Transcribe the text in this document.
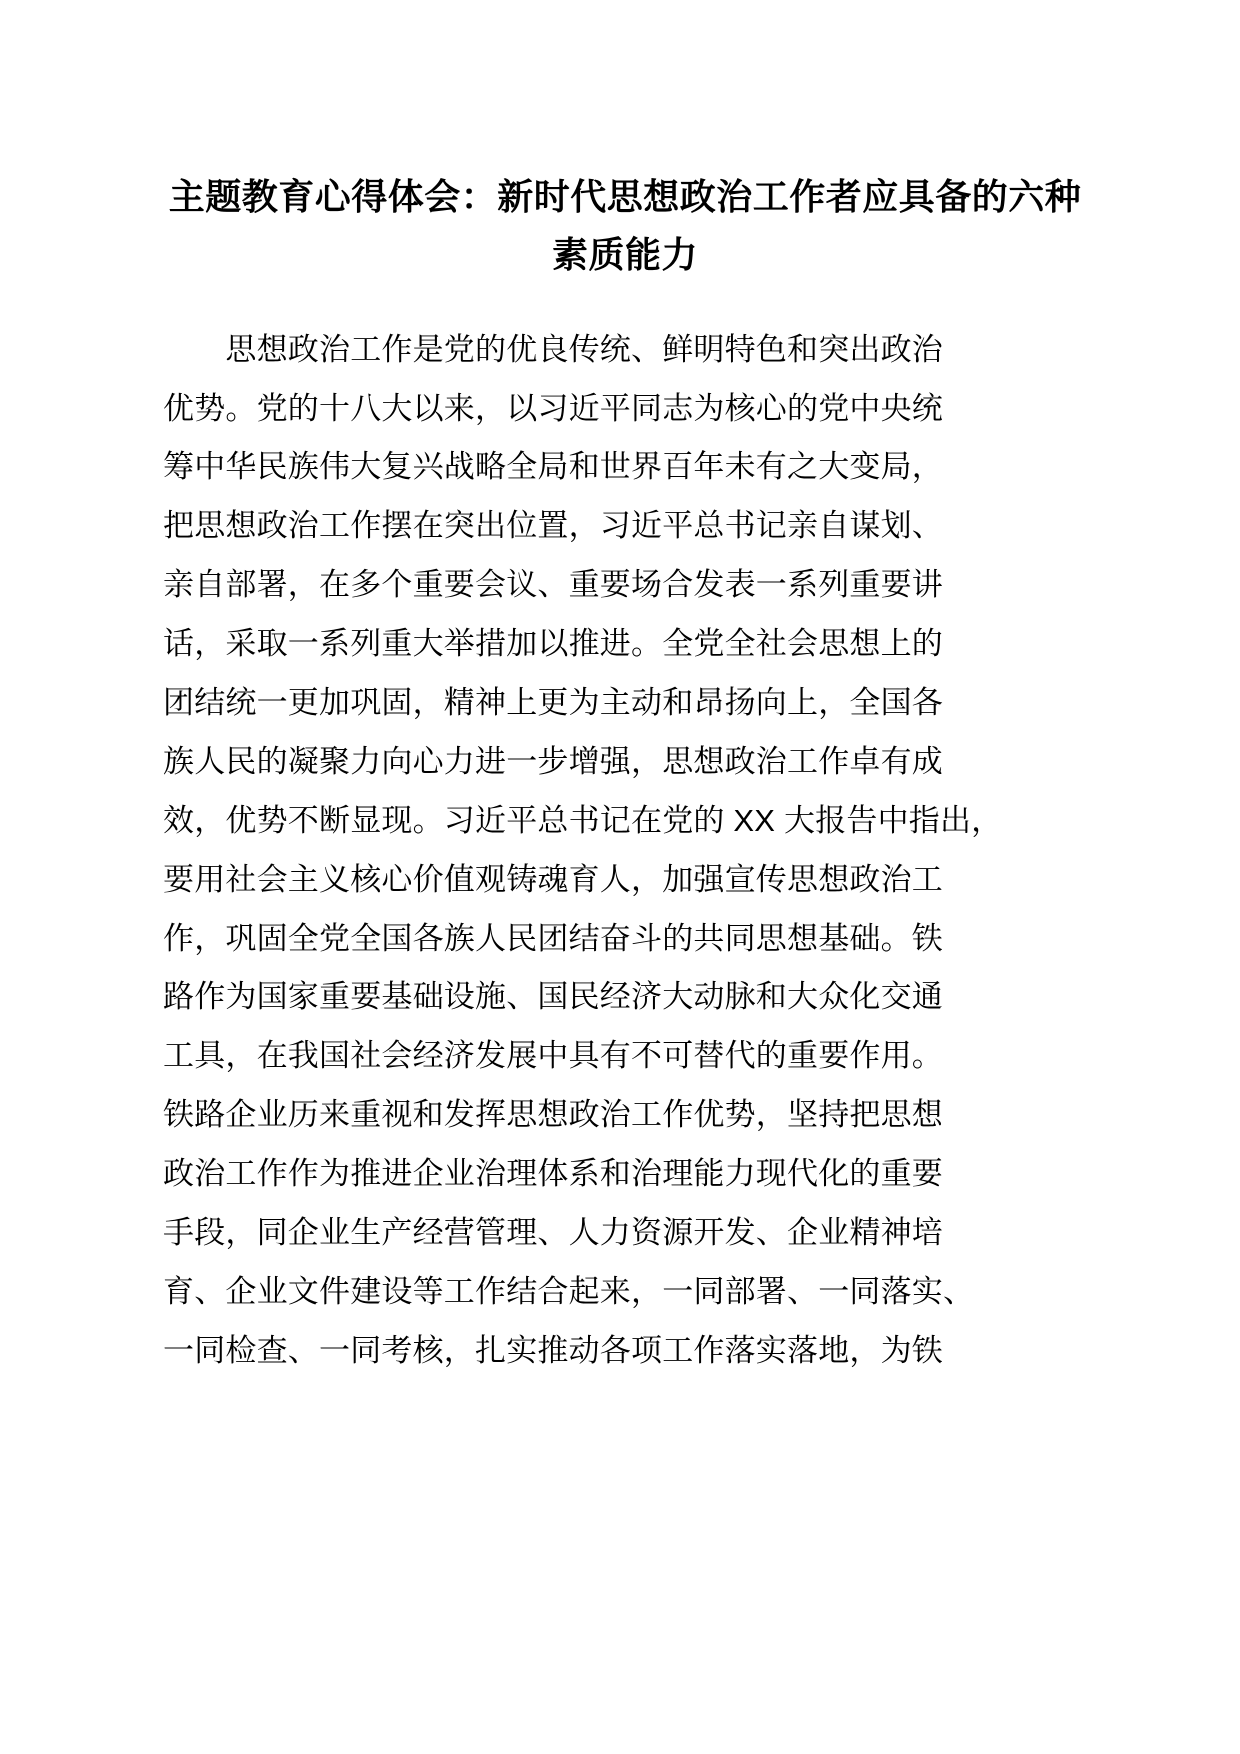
主题教育心得体会：新时代思想政治工作者应具备的六种
素质能力
　　思想政治工作是党的优良传统、鲜明特色和突出政治
优势。党的十八大以来，以习近平同志为核心的党中央统
筹中华民族伟大复兴战略全局和世界百年未有之大变局，
把思想政治工作摆在突出位置，习近平总书记亲自谋划、
亲自部署，在多个重要会议、重要场合发表一系列重要讲
话，采取一系列重大举措加以推进。全党全社会思想上的
团结统一更加巩固，精神上更为主动和昂扬向上，全国各
族人民的凝聚力向心力进一步增强，思想政治工作卓有成
效，优势不断显现。习近平总书记在党的 XX 大报告中指出，
要用社会主义核心价值观铸魂育人，加强宣传思想政治工
作，巩固全党全国各族人民团结奋斗的共同思想基础。铁
路作为国家重要基础设施、国民经济大动脉和大众化交通
工具，在我国社会经济发展中具有不可替代的重要作用。
铁路企业历来重视和发挥思想政治工作优势，坚持把思想
政治工作作为推进企业治理体系和治理能力现代化的重要
手段，同企业生产经营管理、人力资源开发、企业精神培
育、企业文件建设等工作结合起来，一同部署、一同落实、
一同检查、一同考核，扎实推动各项工作落实落地，为铁
